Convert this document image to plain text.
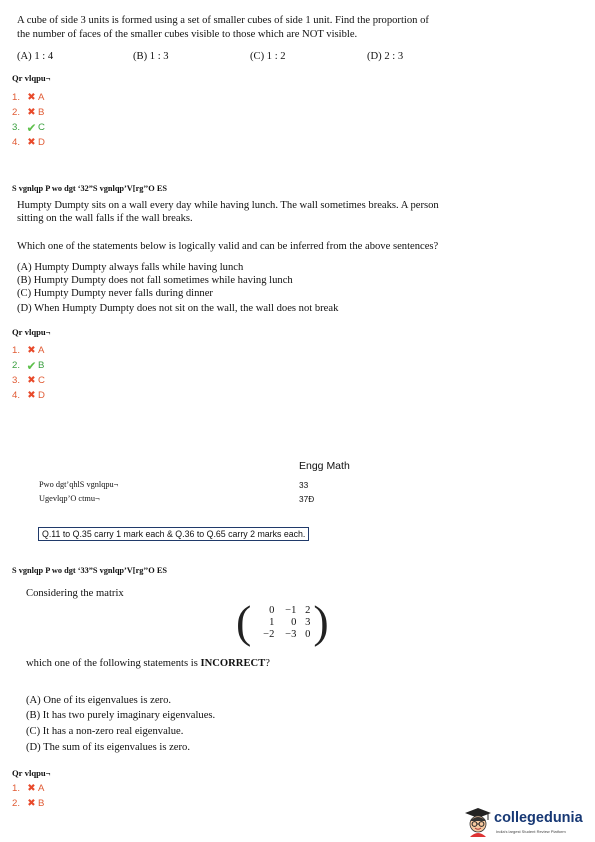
A cube of side 3 units is formed using a set of smaller cubes of side 1 unit. Find the proportion of
the number of faces of the smaller cubes visible to those which are NOT visible.
(A) 1 : 4	(B) 1 : 3	(C) 1 : 2	(D) 2 : 3
Qr vlqpu¬
1. ✖ A
2. ✖ B
3. ✔ C
4. ✖ D
S vgnlqp P wo dgt ‘32”S vgnlqp’V[rg’’O ES
Humpty Dumpty sits on a wall every day while having lunch. The wall sometimes breaks. A person
sitting on the wall falls if the wall breaks.
Which one of the statements below is logically valid and can be inferred from the above sentences?
(A) Humpty Dumpty always falls while having lunch
(B) Humpty Dumpty does not fall sometimes while having lunch
(C) Humpty Dumpty never falls during dinner
(D) When Humpty Dumpty does not sit on the wall, the wall does not break
Qr vlqpu¬
1. ✖ A
2. ✔ B
3. ✖ C
4. ✖ D
Engg Math
Pwo dgt’qhlS vgnlqpu¬	33
Ugevlqp’O ctmu¬	37Đ
Q.11 to Q.35 carry 1 mark each & Q.36 to Q.65 carry 2 marks each.
S vgnlqp P wo dgt ‘33”S vgnlqp’V[rg’’O ES
Considering the matrix
(	0	−1 2
1	0 3
−2	−3 0 )
which one of the following statements is INCORRECT?
(A) One of its eigenvalues is zero.
(B) It has two purely imaginary eigenvalues.
(C) It has a non-zero real eigenvalue.
(D) The sum of its eigenvalues is zero.
Qr vlqpu¬
1. ✖ A
2. ✖ B
collegedunia
India's largest Student Review Platform
